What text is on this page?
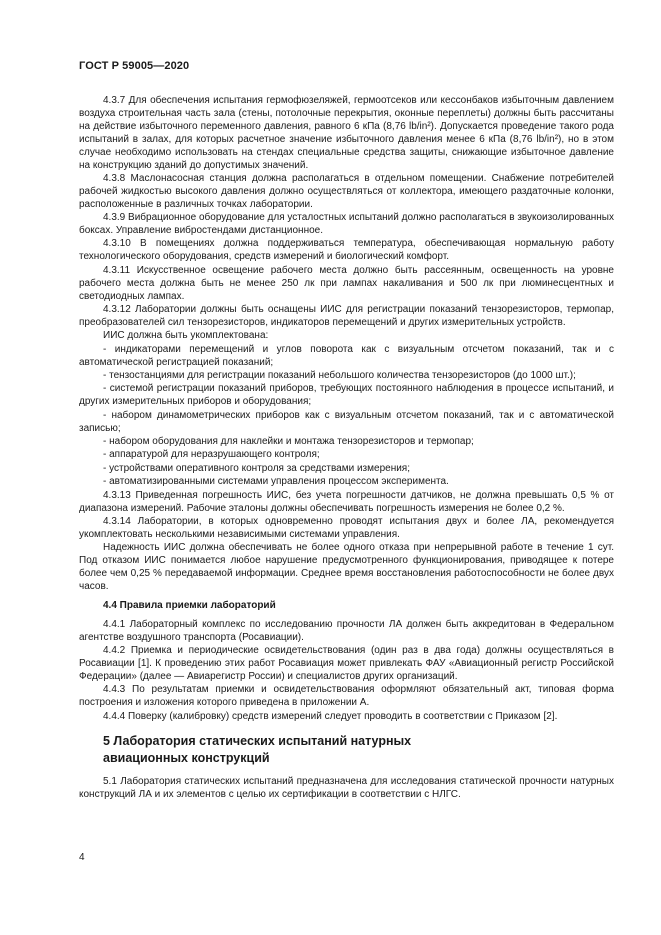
ГОСТ Р 59005—2020

4.3.7 Для обеспечения испытания гермофюзеляжей, гермоотсеков или кессонбаков избыточным давлением воздуха строительная часть зала (стены, потолочные перекрытия, оконные переплеты) должны быть рассчитаны на действие избыточного переменного давления, равного 6 кПа (8,76 lb/in²). Допускается проведение такого рода испытаний в залах, для которых расчетное значение избыточного давления менее 6 кПа (8,76 lb/in²), но в этом случае необходимо использовать на стендах специальные средства защиты, снижающие избыточное давление на конструкцию зданий до допустимых значений.

4.3.8 Маслонасосная станция должна располагаться в отдельном помещении. Снабжение потребителей рабочей жидкостью высокого давления должно осуществляться от коллектора, имеющего раздаточные колонки, расположенные в различных точках лаборатории.

4.3.9 Вибрационное оборудование для усталостных испытаний должно располагаться в звукоизолированных боксах. Управление вибростендами дистанционное.

4.3.10 В помещениях должна поддерживаться температура, обеспечивающая нормальную работу технологического оборудования, средств измерений и биологический комфорт.

4.3.11 Искусственное освещение рабочего места должно быть рассеянным, освещенность на уровне рабочего места должна быть не менее 250 лк при лампах накаливания и 500 лк при люминесцентных и светодиодных лампах.

4.3.12 Лаборатории должны быть оснащены ИИС для регистрации показаний тензорезисторов, термопар, преобразователей сил тензорезисторов, индикаторов перемещений и других измерительных устройств.

ИИС должна быть укомплектована:

- индикаторами перемещений и углов поворота как с визуальным отсчетом показаний, так и с автоматической регистрацией показаний;

- тензостанциями для регистрации показаний небольшого количества тензорезисторов (до 1000 шт.);

- системой регистрации показаний приборов, требующих постоянного наблюдения в процессе испытаний, и других измерительных приборов и оборудования;

- набором динамометрических приборов как с визуальным отсчетом показаний, так и с автоматической записью;

- набором оборудования для наклейки и монтажа тензорезисторов и термопар;

- аппаратурой для неразрушающего контроля;

- устройствами оперативного контроля за средствами измерения;

- автоматизированными системами управления процессом эксперимента.

4.3.13 Приведенная погрешность ИИС, без учета погрешности датчиков, не должна превышать 0,5 % от диапазона измерений. Рабочие эталоны должны обеспечивать погрешность измерения не более 0,2 %.

4.3.14 Лаборатории, в которых одновременно проводят испытания двух и более ЛА, рекомендуется укомплектовать несколькими независимыми системами управления.

Надежность ИИС должна обеспечивать не более одного отказа при непрерывной работе в течение 1 сут. Под отказом ИИС понимается любое нарушение предусмотренного функционирования, приводящее к потере более чем 0,25 % передаваемой информации. Среднее время восстановления работоспособности не более двух часов.

4.4 Правила приемки лабораторий

4.4.1 Лабораторный комплекс по исследованию прочности ЛА должен быть аккредитован в Федеральном агентстве воздушного транспорта (Росавиации).

4.4.2 Приемка и периодические освидетельствования (один раз в два года) должны осуществляться в Росавиации [1]. К проведению этих работ Росавиация может привлекать ФАУ «Авиационный регистр Российской Федерации» (далее — Авиарегистр России) и специалистов других организаций.

4.4.3 По результатам приемки и освидетельствования оформляют обязательный акт, типовая форма построения и изложения которого приведена в приложении А.

4.4.4 Поверку (калибровку) средств измерений следует проводить в соответствии с Приказом [2].

5 Лаборатория статических испытаний натурных
авиационных конструкций

5.1 Лаборатория статических испытаний предназначена для исследования статической прочности натурных конструкций ЛА и их элементов с целью их сертификации в соответствии с НЛГС.

4
